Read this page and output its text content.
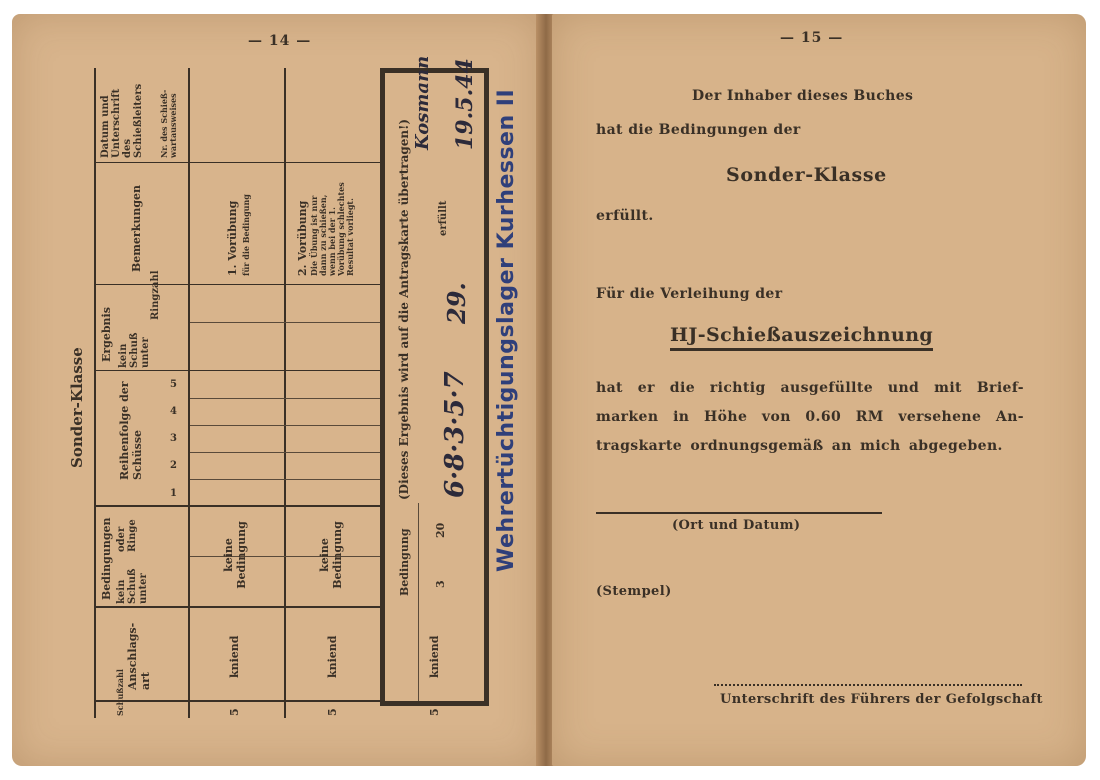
— 14 —
Sonder-Klasse
Schußzahl
Anschlags-art
Bedingungen kein Schuß unter
oder Ringe
Reihenfolge der Schüsse
Ergebnis kein Schuß unter
Ringzahl
Bemerkungen
Datum und Unterschrift des Schießleiters Nr. des Schieß-wartausweises
1
2
3
4
5
5
kniend
keine Bedingung
1. Vorübung für die Bedingung
5
kniend
keine Bedingung
2. Vorübung Die Übung ist nur dann zu schießen, wenn bei der 1. Vorübung schlechtes Resultat vorliegt.
5
kniend
Bedingung 3
20
erfüllt
(Dieses Ergebnis wird auf die Antragskarte übertragen!) 6·8·3·5·7
29.
19.5.44
Kosmann	Wehrertüchtigungslager Kurhessen II
— 15 —
Der Inhaber dieses Buches
hat die Bedingungen der
Sonder-Klasse
erfüllt.
Für die Verleihung der
HJ-Schießauszeichnung
hat er die richtig ausgefüllte und mit Brief-
marken in Höhe von 0.60 RM versehene An-
tragskarte ordnungsgemäß an mich abgegeben.
(Ort und Datum)
(Stempel)
Unterschrift des Führers der Gefolgschaft
